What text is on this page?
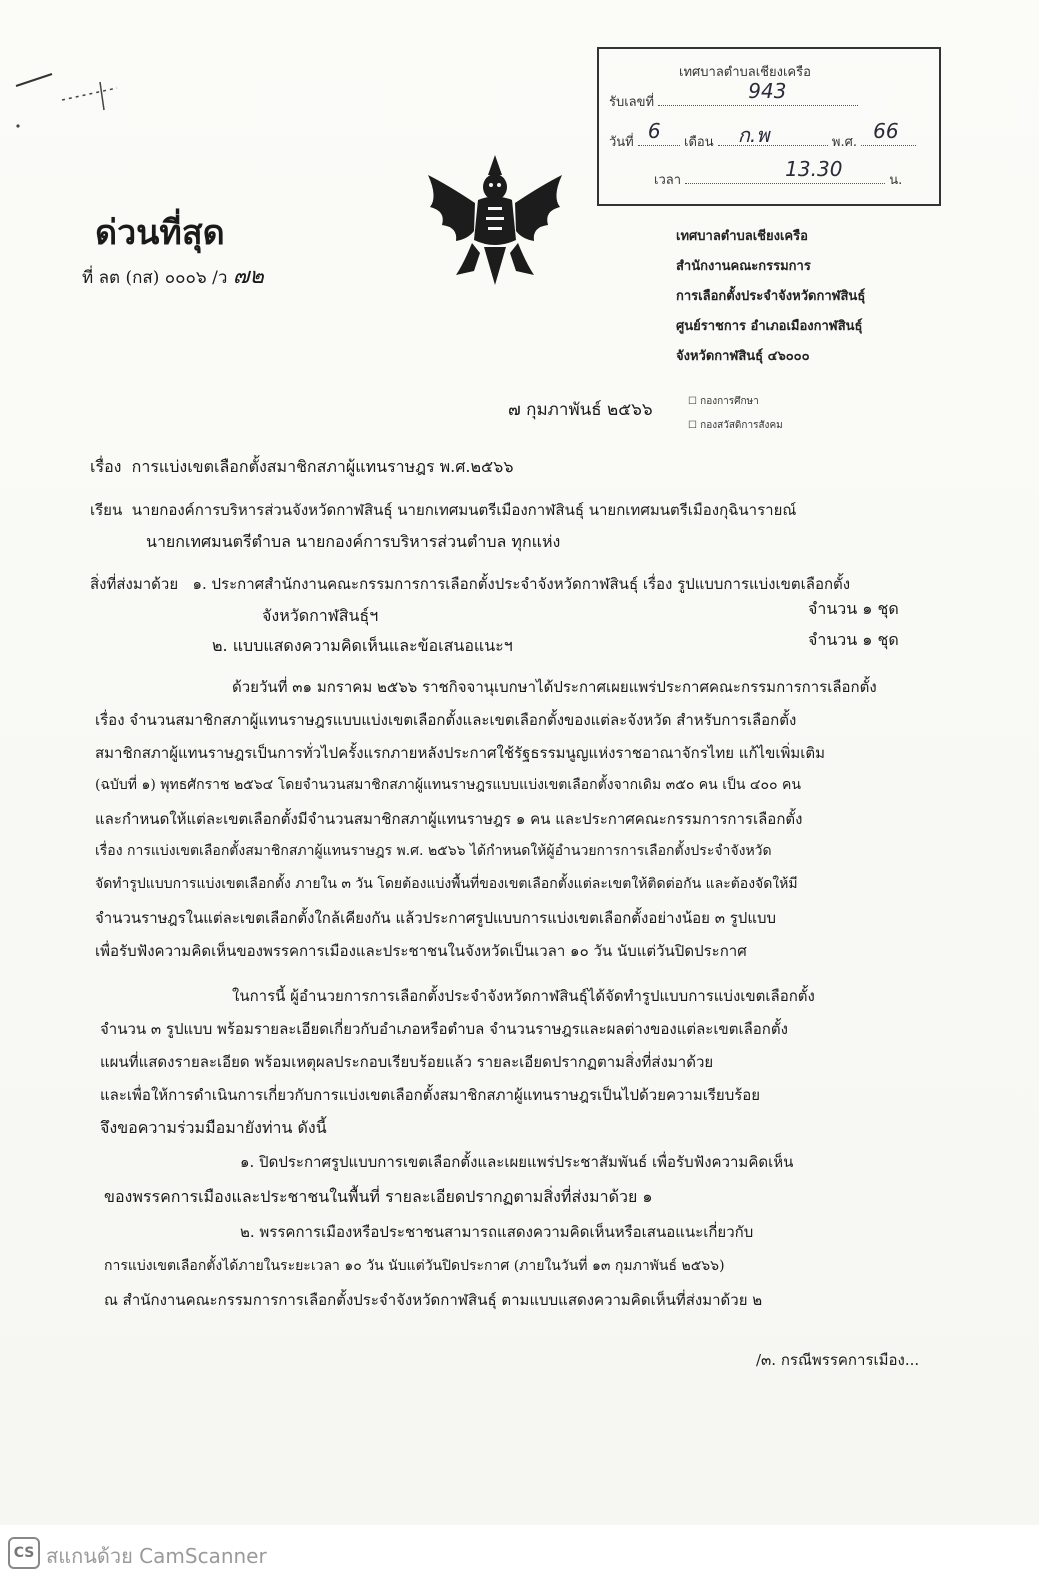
ด่วนที่สุด
ที่ ลต (กส) ๐๐๐๖ /ว ๗๒
เทศบาลตำบลเชียงเครือ
รับเลขที่	943
วันที่ 6 เดือน ก.พ	พ.ศ. 66
เวลา	13.30	น.
เทศบาลตำบลเชียงเครือ
สำนักงานคณะกรรมการ
การเลือกตั้งประจำจังหวัดกาฬสินธุ์
ศูนย์ราชการ อำเภอเมืองกาฬสินธุ์
จังหวัดกาฬสินธุ์ ๔๖๐๐๐
๗ กุมภาพันธ์ ๒๕๖๖	☐ กองการศึกษา
☐ กองสวัสดิการสังคม
เรื่อง การแบ่งเขตเลือกตั้งสมาชิกสภาผู้แทนราษฎร พ.ศ.๒๕๖๖
เรียน นายกองค์การบริหารส่วนจังหวัดกาฬสินธุ์ นายกเทศมนตรีเมืองกาฬสินธุ์ นายกเทศมนตรีเมืองกุฉินารายณ์
นายกเทศมนตรีตำบล นายกองค์การบริหารส่วนตำบล ทุกแห่ง
สิ่งที่ส่งมาด้วย ๑. ประกาศสำนักงานคณะกรรมการการเลือกตั้งประจำจังหวัดกาฬสินธุ์ เรื่อง รูปแบบการแบ่งเขตเลือกตั้ง
จังหวัดกาฬสินธุ์ฯ	จำนวน ๑ ชุด
๒. แบบแสดงความคิดเห็นและข้อเสนอแนะฯ	จำนวน ๑ ชุด
ด้วยวันที่ ๓๑ มกราคม ๒๕๖๖ ราชกิจจานุเบกษาได้ประกาศเผยแพร่ประกาศคณะกรรมการการเลือกตั้ง
เรื่อง จำนวนสมาชิกสภาผู้แทนราษฎรแบบแบ่งเขตเลือกตั้งและเขตเลือกตั้งของแต่ละจังหวัด สำหรับการเลือกตั้ง
สมาชิกสภาผู้แทนราษฎรเป็นการทั่วไปครั้งแรกภายหลังประกาศใช้รัฐธรรมนูญแห่งราชอาณาจักรไทย แก้ไขเพิ่มเติม
(ฉบับที่ ๑) พุทธศักราช ๒๕๖๔ โดยจำนวนสมาชิกสภาผู้แทนราษฎรแบบแบ่งเขตเลือกตั้งจากเดิม ๓๕๐ คน เป็น ๔๐๐ คน
และกำหนดให้แต่ละเขตเลือกตั้งมีจำนวนสมาชิกสภาผู้แทนราษฎร ๑ คน และประกาศคณะกรรมการการเลือกตั้ง
เรื่อง การแบ่งเขตเลือกตั้งสมาชิกสภาผู้แทนราษฎร พ.ศ. ๒๕๖๖ ได้กำหนดให้ผู้อำนวยการการเลือกตั้งประจำจังหวัด
จัดทำรูปแบบการแบ่งเขตเลือกตั้ง ภายใน ๓ วัน โดยต้องแบ่งพื้นที่ของเขตเลือกตั้งแต่ละเขตให้ติดต่อกัน และต้องจัดให้มี
จำนวนราษฎรในแต่ละเขตเลือกตั้งใกล้เคียงกัน แล้วประกาศรูปแบบการแบ่งเขตเลือกตั้งอย่างน้อย ๓ รูปแบบ
เพื่อรับฟังความคิดเห็นของพรรคการเมืองและประชาชนในจังหวัดเป็นเวลา ๑๐ วัน นับแต่วันปิดประกาศ
ในการนี้ ผู้อำนวยการการเลือกตั้งประจำจังหวัดกาฬสินธุ์ได้จัดทำรูปแบบการแบ่งเขตเลือกตั้ง
จำนวน ๓ รูปแบบ พร้อมรายละเอียดเกี่ยวกับอำเภอหรือตำบล จำนวนราษฎรและผลต่างของแต่ละเขตเลือกตั้ง
แผนที่แสดงรายละเอียด พร้อมเหตุผลประกอบเรียบร้อยแล้ว รายละเอียดปรากฏตามสิ่งที่ส่งมาด้วย
และเพื่อให้การดำเนินการเกี่ยวกับการแบ่งเขตเลือกตั้งสมาชิกสภาผู้แทนราษฎรเป็นไปด้วยความเรียบร้อย
จึงขอความร่วมมือมายังท่าน ดังนี้
๑. ปิดประกาศรูปแบบการเขตเลือกตั้งและเผยแพร่ประชาสัมพันธ์ เพื่อรับฟังความคิดเห็น
ของพรรคการเมืองและประชาชนในพื้นที่ รายละเอียดปรากฏตามสิ่งที่ส่งมาด้วย ๑
๒. พรรคการเมืองหรือประชาชนสามารถแสดงความคิดเห็นหรือเสนอแนะเกี่ยวกับ
การแบ่งเขตเลือกตั้งได้ภายในระยะเวลา ๑๐ วัน นับแต่วันปิดประกาศ (ภายในวันที่ ๑๓ กุมภาพันธ์ ๒๕๖๖)
ณ สำนักงานคณะกรรมการการเลือกตั้งประจำจังหวัดกาฬสินธุ์ ตามแบบแสดงความคิดเห็นที่ส่งมาด้วย ๒
/๓. กรณีพรรคการเมือง...
CS สแกนด้วย CamScanner
